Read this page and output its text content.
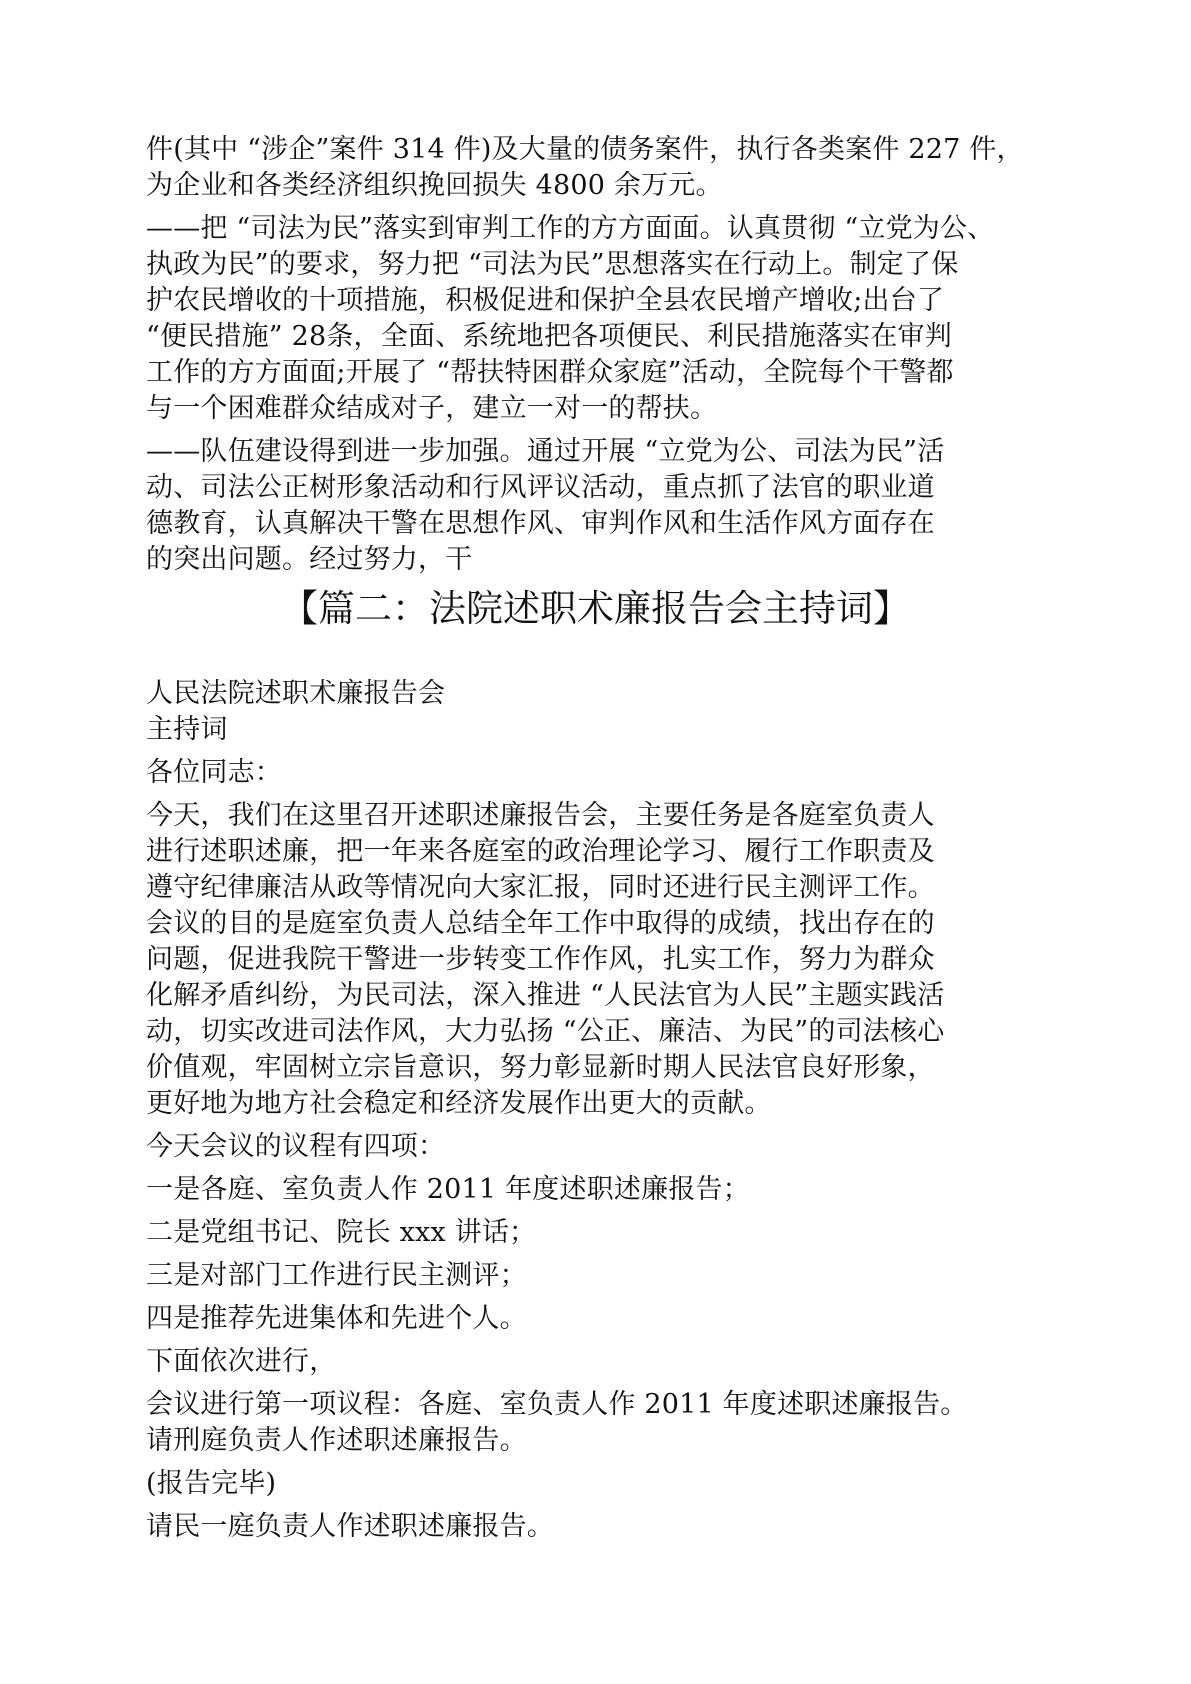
件(其中 “涉企”案件 314 件)及大量的债务案件，执行各类案件 227 件，
为企业和各类经济组织挽回损失 4800 余万元。
——把 “司法为民”落实到审判工作的方方面面。认真贯彻 “立党为公、
执政为民”的要求，努力把 “司法为民”思想落实在行动上。制定了保
护农民增收的十项措施，积极促进和保护全县农民增产增收;出台了
“便民措施” 28条，全面、系统地把各项便民、利民措施落实在审判
工作的方方面面;开展了 “帮扶特困群众家庭”活动，全院每个干警都
与一个困难群众结成对子，建立一对一的帮扶。
——队伍建设得到进一步加强。通过开展 “立党为公、司法为民”活
动、司法公正树形象活动和行风评议活动，重点抓了法官的职业道
德教育，认真解决干警在思想作风、审判作风和生活作风方面存在
的突出问题。经过努力，干
【篇二：法院述职术廉报告会主持词】
人民法院述职术廉报告会
主持词
各位同志：
今天，我们在这里召开述职述廉报告会，主要任务是各庭室负责人
进行述职述廉，把一年来各庭室的政治理论学习、履行工作职责及
遵守纪律廉洁从政等情况向大家汇报，同时还进行民主测评工作。
会议的目的是庭室负责人总结全年工作中取得的成绩，找出存在的
问题，促进我院干警进一步转变工作作风，扎实工作，努力为群众
化解矛盾纠纷，为民司法，深入推进 “人民法官为人民”主题实践活
动，切实改进司法作风，大力弘扬 “公正、廉洁、为民”的司法核心
价值观，牢固树立宗旨意识，努力彰显新时期人民法官良好形象，
更好地为地方社会稳定和经济发展作出更大的贡献。
今天会议的议程有四项：
一是各庭、室负责人作 2011 年度述职述廉报告；
二是党组书记、院长 xxx 讲话；
三是对部门工作进行民主测评；
四是推荐先进集体和先进个人。
下面依次进行，
会议进行第一项议程：各庭、室负责人作 2011 年度述职述廉报告。
请刑庭负责人作述职述廉报告。
(报告完毕)
请民一庭负责人作述职述廉报告。
